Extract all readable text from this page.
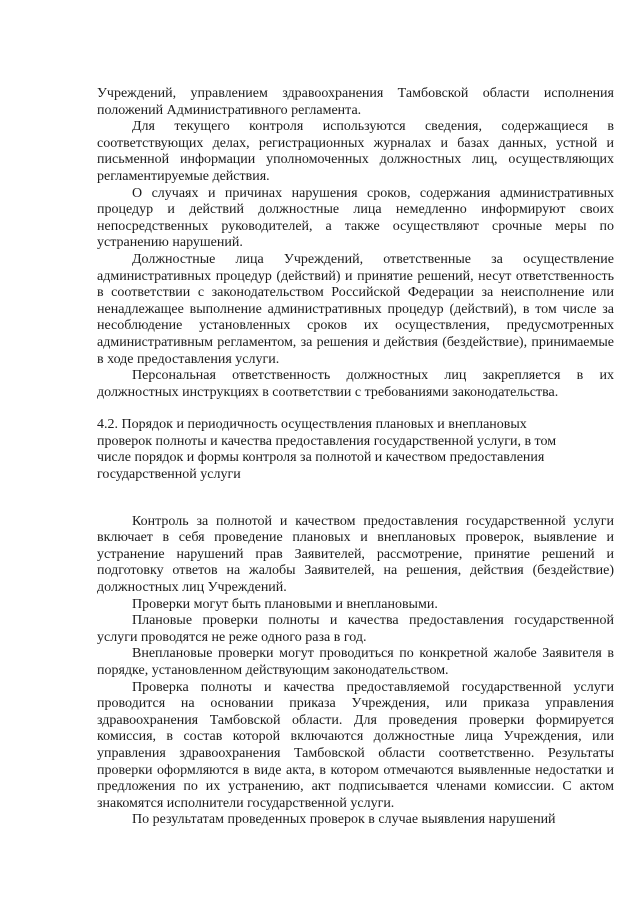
Учреждений, управлением здравоохранения Тамбовской области исполнения положений Административного регламента.

Для текущего контроля используются сведения, содержащиеся в соответствующих делах, регистрационных журналах и базах данных, устной и письменной информации уполномоченных должностных лиц, осуществляющих регламентируемые действия.

О случаях и причинах нарушения сроков, содержания административных процедур и действий должностные лица немедленно информируют своих непосредственных руководителей, а также осуществляют срочные меры по устранению нарушений.

Должностные лица Учреждений, ответственные за осуществление административных процедур (действий) и принятие решений, несут ответственность в соответствии с законодательством Российской Федерации за неисполнение или ненадлежащее выполнение административных процедур (действий), в том числе за несоблюдение установленных сроков их осуществления, предусмотренных административным регламентом, за решения и действия (бездействие), принимаемые в ходе предоставления услуги.

Персональная ответственность должностных лиц закрепляется в их должностных инструкциях в соответствии с требованиями законодательства.

4.2. Порядок и периодичность осуществления плановых и внеплановых

проверок полноты и качества предоставления государственной услуги, в том

числе порядок и формы контроля за полнотой и качеством предоставления

государственной услуги

Контроль за полнотой и качеством предоставления государственной услуги включает в себя проведение плановых и внеплановых проверок, выявление и устранение нарушений прав Заявителей, рассмотрение, принятие решений и подготовку ответов на жалобы Заявителей, на решения, действия (бездействие) должностных лиц Учреждений.

Проверки могут быть плановыми и внеплановыми.

Плановые проверки полноты и качества предоставления государственной услуги проводятся не реже одного раза в год.

Внеплановые проверки могут проводиться по конкретной жалобе Заявителя в порядке, установленном действующим законодательством.

Проверка полноты и качества предоставляемой государственной услуги проводится на основании приказа Учреждения, или приказа управления здравоохранения Тамбовской области. Для проведения проверки формируется комиссия, в состав которой включаются должностные лица Учреждения, или управления здравоохранения Тамбовской области соответственно. Результаты проверки оформляются в виде акта, в котором отмечаются выявленные недостатки и предложения по их устранению, акт подписывается членами комиссии. С актом знакомятся исполнители государственной услуги.

По результатам проведенных проверок в случае выявления нарушений
